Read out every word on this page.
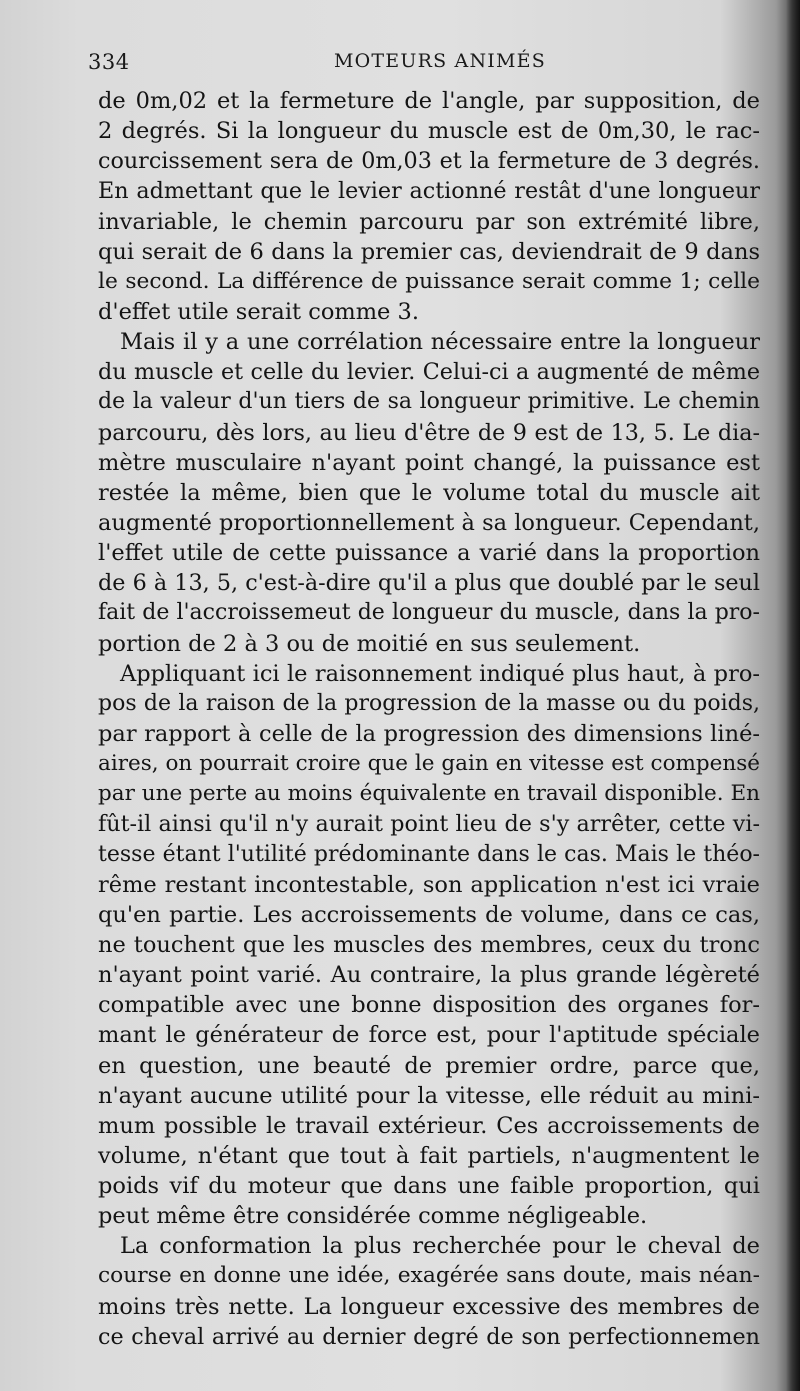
334	MOTEURS ANIMÉS
de 0m,02 et la fermeture de l'angle, par supposition, de
2 degrés. Si la longueur du muscle est de 0m,30, le rac-
courcissement sera de 0m,03 et la fermeture de 3 degrés.
En admettant que le levier actionné restât d'une longueur
invariable, le chemin parcouru par son extrémité libre,
qui serait de 6 dans la premier cas, deviendrait de 9 dans
le second. La différence de puissance serait comme 1; celle
d'effet utile serait comme 3.
Mais il y a une corrélation nécessaire entre la longueur
du muscle et celle du levier. Celui-ci a augmenté de même
de la valeur d'un tiers de sa longueur primitive. Le chemin
parcouru, dès lors, au lieu d'être de 9 est de 13, 5. Le dia-
mètre musculaire n'ayant point changé, la puissance est
restée la même, bien que le volume total du muscle ait
augmenté proportionnellement à sa longueur. Cependant,
l'effet utile de cette puissance a varié dans la proportion
de 6 à 13, 5, c'est-à-dire qu'il a plus que doublé par le seul
fait de l'accroissemeut de longueur du muscle, dans la pro-
portion de 2 à 3 ou de moitié en sus seulement.
Appliquant ici le raisonnement indiqué plus haut, à pro-
pos de la raison de la progression de la masse ou du poids,
par rapport à celle de la progression des dimensions liné-
aires, on pourrait croire que le gain en vitesse est compensé
par une perte au moins équivalente en travail disponible. En
fût-il ainsi qu'il n'y aurait point lieu de s'y arrêter, cette vi-
tesse étant l'utilité prédominante dans le cas. Mais le théo-
rême restant incontestable, son application n'est ici vraie
qu'en partie. Les accroissements de volume, dans ce cas,
ne touchent que les muscles des membres, ceux du tronc
n'ayant point varié. Au contraire, la plus grande légèreté
compatible avec une bonne disposition des organes for-
mant le générateur de force est, pour l'aptitude spéciale
en question, une beauté de premier ordre, parce que,
n'ayant aucune utilité pour la vitesse, elle réduit au mini-
mum possible le travail extérieur. Ces accroissements de
volume, n'étant que tout à fait partiels, n'augmentent le
poids vif du moteur que dans une faible proportion, qui
peut même être considérée comme négligeable.
La conformation la plus recherchée pour le cheval de
course en donne une idée, exagérée sans doute, mais néan-
moins très nette. La longueur excessive des membres de
ce cheval arrivé au dernier degré de son perfectionnemen
